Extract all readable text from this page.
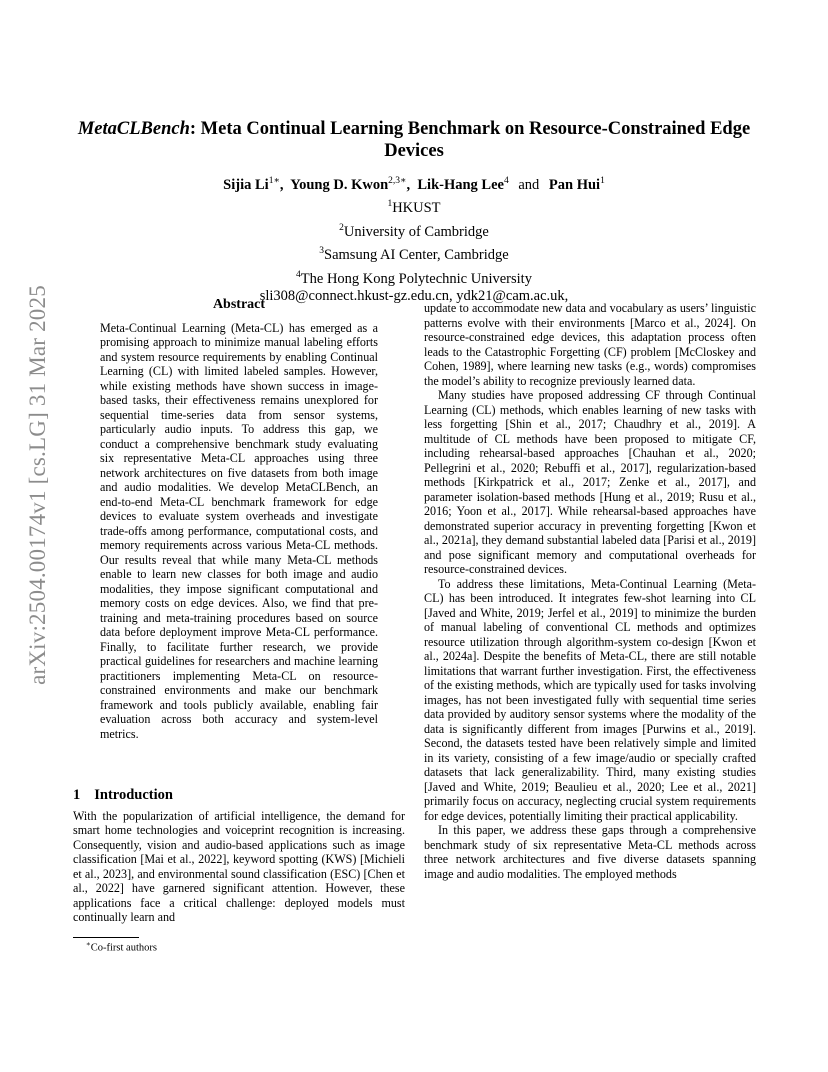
arXiv:2504.00174v1 [cs.LG] 31 Mar 2025
MetaCLBench: Meta Continual Learning Benchmark on Resource-Constrained Edge Devices
Sijia $Li^{1∗}$,  Young D. Kwon$^{2,3∗}$,  Lik-Hang Lee$^4$ and Pan Hui$^1$
$^1$HKUST
$^2$University of Cambridge
$^3$Samsung AI Center, Cambridge
$^4$The Hong Kong Polytechnic University
sli308@connect.hkust-gz.edu.cn, ydk21@cam.ac.uk,
Abstract

Meta-Continual Learning (Meta-CL) has emerged as a promising approach to minimize manual labeling efforts and system resource requirements by enabling Continual Learning (CL) with limited labeled samples. However, while existing methods have shown success in image-based tasks, their effectiveness remains unexplored for sequential time-series data from sensor systems, particularly audio inputs. To address this gap, we conduct a comprehensive benchmark study evaluating six representative Meta-CL approaches using three network architectures on five datasets from both image and audio modalities. We develop MetaCLBench, an end-to-end Meta-CL benchmark framework for edge devices to evaluate system overheads and investigate trade-offs among performance, computational costs, and memory requirements across various Meta-CL methods. Our results reveal that while many Meta-CL methods enable to learn new classes for both image and audio modalities, they impose significant computational and memory costs on edge devices. Also, we find that pre-training and meta-training procedures based on source data before deployment improve Meta-CL performance. Finally, to facilitate further research, we provide practical guidelines for researchers and machine learning practitioners implementing Meta-CL on resource-constrained environments and make our benchmark framework and tools publicly available, enabling fair evaluation across both accuracy and system-level metrics.

1 Introduction

With the popularization of artificial intelligence, the demand for smart home technologies and voiceprint recognition is increasing. Consequently, vision and audio-based applications such as image classification [Mai et al., 2022], keyword spotting (KWS) [Michieli et al., 2023], and environmental sound classification (ESC) [Chen et al., 2022] have garnered significant attention. However, these applications face a critical challenge: deployed models must continually learn and

update to accommodate new data and vocabulary as users’ linguistic patterns evolve with their environments [Marco et al., 2024]. On resource-constrained edge devices, this adaptation process often leads to the Catastrophic Forgetting (CF) problem [McCloskey and Cohen, 1989], where learning new tasks (e.g., words) compromises the model’s ability to recognize previously learned data.

Many studies have proposed addressing CF through Continual Learning (CL) methods, which enables learning of new tasks with less forgetting [Shin et al., 2017; Chaudhry et al., 2019]. A multitude of CL methods have been proposed to mitigate CF, including rehearsal-based approaches [Chauhan et al., 2020; Pellegrini et al., 2020; Rebuffi et al., 2017], regularization-based methods [Kirkpatrick et al., 2017; Zenke et al., 2017], and parameter isolation-based methods [Hung et al., 2019; Rusu et al., 2016; Yoon et al., 2017]. While rehearsal-based approaches have demonstrated superior accuracy in preventing forgetting [Kwon et al., 2021a], they demand substantial labeled data [Parisi et al., 2019] and pose significant memory and computational overheads for resource-constrained devices.

To address these limitations, Meta-Continual Learning (Meta-CL) has been introduced. It integrates few-shot learning into CL [Javed and White, 2019; Jerfel et al., 2019] to minimize the burden of manual labeling of conventional CL methods and optimizes resource utilization through algorithm-system co-design [Kwon et al., 2024a]. Despite the benefits of Meta-CL, there are still notable limitations that warrant further investigation. First, the effectiveness of the existing methods, which are typically used for tasks involving images, has not been investigated fully with sequential time series data provided by auditory sensor systems where the modality of the data is significantly different from images [Purwins et al., 2019]. Second, the datasets tested have been relatively simple and limited in its variety, consisting of a few image/audio or specially crafted datasets that lack generalizability. Third, many existing studies [Javed and White, 2019; Beaulieu et al., 2020; Lee et al., 2021] primarily focus on accuracy, neglecting crucial system requirements for edge devices, potentially limiting their practical applicability.

In this paper, we address these gaps through a comprehensive benchmark study of six representative Meta-CL methods across three network architectures and five diverse datasets spanning image and audio modalities. The employed methods

∗Co-first authors
